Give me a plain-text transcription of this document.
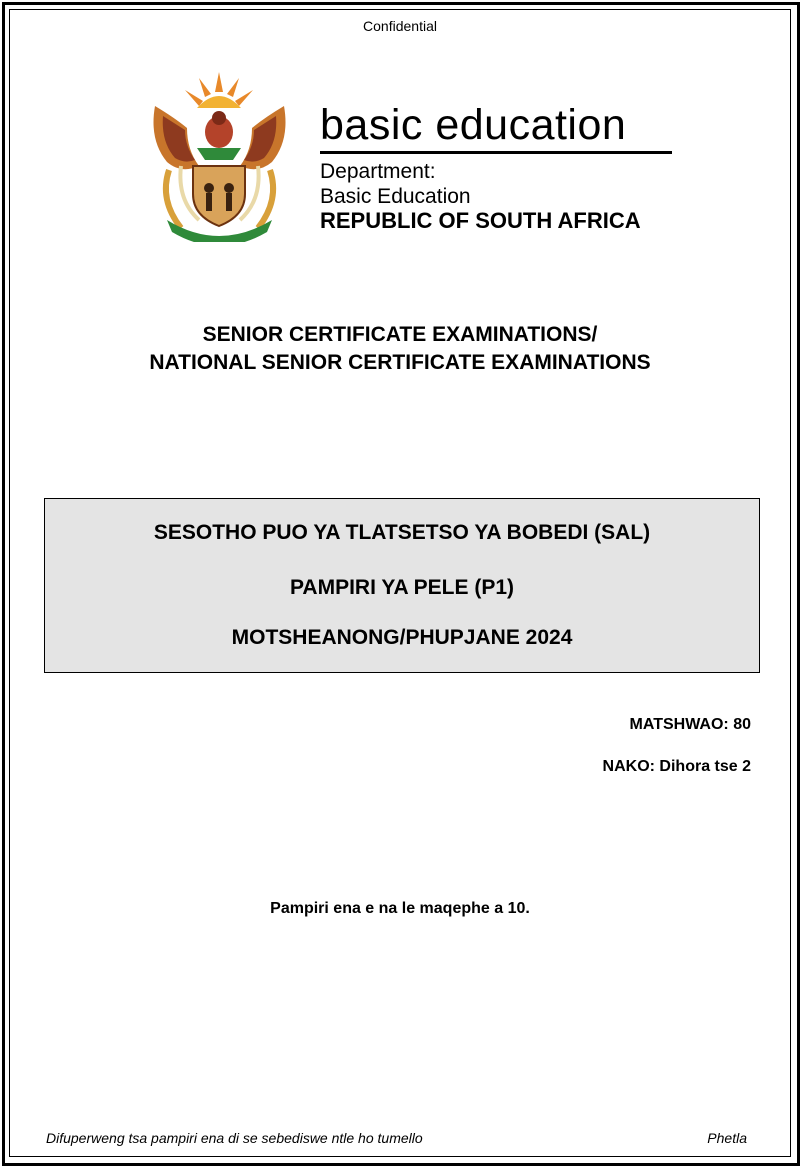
Confidential
basic education
Department:
Basic Education
REPUBLIC OF SOUTH AFRICA
SENIOR CERTIFICATE EXAMINATIONS/
NATIONAL SENIOR CERTIFICATE EXAMINATIONS
SESOTHO PUO YA TLATSETSO YA BOBEDI (SAL)
PAMPIRI YA PELE (P1)
MOTSHEANONG/PHUPJANE 2024
MATSHWAO: 80
NAKO: Dihora tse 2
Pampiri ena e na le maqephe a 10.
Difuperweng tsa pampiri ena di se sebediswe ntle ho tumello	Phetla
